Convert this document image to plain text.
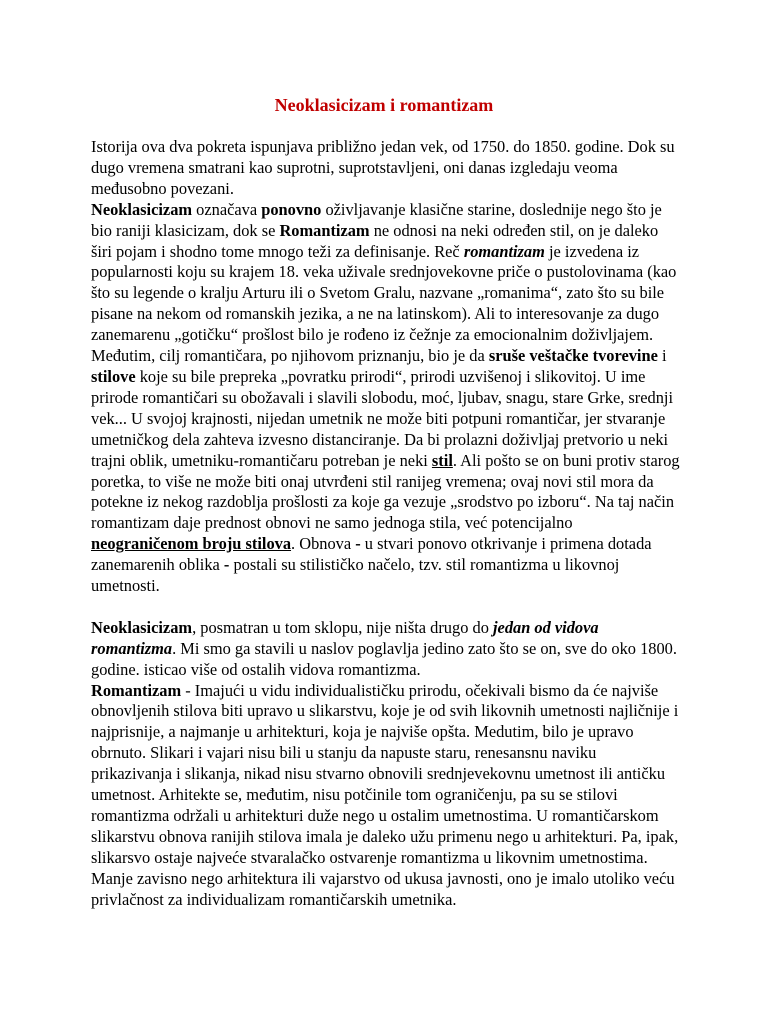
Neoklasicizam i romantizam

Istorija ova dva pokreta ispunjava približno jedan vek, od 1750. do 1850. godine. Dok su dugo vremena smatrani kao suprotni, suprotstavljeni, oni danas izgledaju veoma međusobno povezani.

Neoklasicizam označava ponovno oživljavanje klasične starine, doslednije nego što je bio raniji klasicizam, dok se Romantizam ne odnosi na neki određen stil, on je daleko širi pojam i shodno tome mnogo teži za definisanje. Reč romantizam je izvedena iz popularnosti koju su krajem 18. veka uživale srednjovekovne priče o pustolovinama (kao što su legende o kralju Arturu ili o Svetom Gralu, nazvane „romanima“, zato što su bile pisane na nekom od romanskih jezika, a ne na latinskom). Ali to interesovanje za dugo zanemarenu „gotičku“ prošlost bilo je rođeno iz čežnje za emocionalnim doživljajem. Međutim, cilj romantičara, po njihovom priznanju, bio je da sruše veštačke tvorevine i stilove koje su bile prepreka „povratku prirodi“, prirodi uzvišenoj i slikovitoj. U ime prirode romantičari su obožavali i slavili slobodu, moć, ljubav, snagu, stare Grke, srednji vek... U svojoj krajnosti, nijedan umetnik ne može biti potpuni romantičar, jer stvaranje umetničkog dela zahteva izvesno distanciranje. Da bi prolazni doživljaj pretvorio u neki trajni oblik, umetniku-romantičaru potreban je neki stil. Ali pošto se on buni protiv starog poretka, to više ne može biti onaj utvrđeni stil ranijeg vremena; ovaj novi stil mora da potekne iz nekog razdoblja prošlosti za koje ga vezuje „srodstvo po izboru“. Na taj način romantizam daje prednost obnovi ne samo jednoga stila, već potencijalno neograničenom broju stilova. Obnova - u stvari ponovo otkrivanje i primena dotada zanemarenih oblika - postali su stilističko načelo, tzv. stil romantizma u likovnoj umetnosti.

Neoklasicizam, posmatran u tom sklopu, nije ništa drugo do jedan od vidova romantizma. Mi smo ga stavili u naslov poglavlja jedino zato što se on, sve do oko 1800. godine. isticao više od ostalih vidova romantizma.

Romantizam - Imajući u vidu individualističku prirodu, očekivali bismo da će najviše obnovljenih stilova biti upravo u slikarstvu, koje je od svih likovnih umetnosti najličnije i najprisnije, a najmanje u arhitekturi, koja je najviše opšta. Medutim, bilo je upravo obrnuto. Slikari i vajari nisu bili u stanju da napuste staru, renesansnu naviku prikazivanja i slikanja, nikad nisu stvarno obnovili srednjevekovnu umetnost ili antičku umetnost. Arhitekte se, međutim, nisu potčinile tom ograničenju, pa su se stilovi romantizma održali u arhitekturi duže nego u ostalim umetnostima. U romantičarskom slikarstvu obnova ranijih stilova imala je daleko užu primenu nego u arhitekturi. Pa, ipak, slikarsvo ostaje najveće stvaralačko ostvarenje romantizma u likovnim umetnostima. Manje zavisno nego arhitektura ili vajarstvo od ukusa javnosti, ono je imalo utoliko veću privlačnost za individualizam romantičarskih umetnika.
